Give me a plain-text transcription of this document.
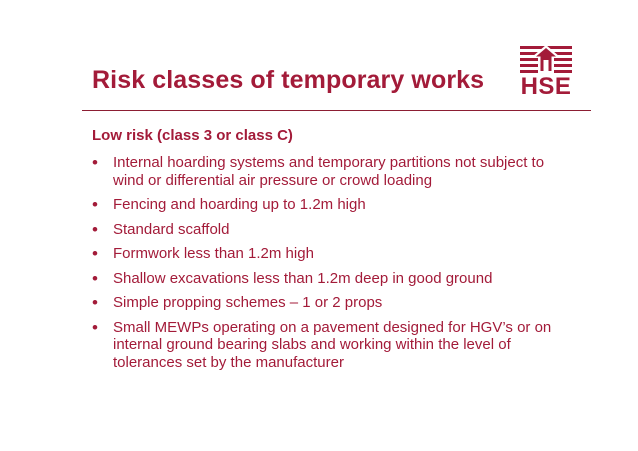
Risk classes of temporary works HSE
Low risk (class 3 or class C)
• Internal hoarding systems and temporary partitions not subject to wind or differential air pressure or crowd loading
• Fencing and hoarding up to 1.2m high
• Standard scaffold
• Formwork less than 1.2m high
• Shallow excavations less than 1.2m deep in good ground
• Simple propping schemes – 1 or 2 props
• Small MEWPs operating on a pavement designed for HGV’s or on internal ground bearing slabs and working within the level of tolerances set by the manufacturer
